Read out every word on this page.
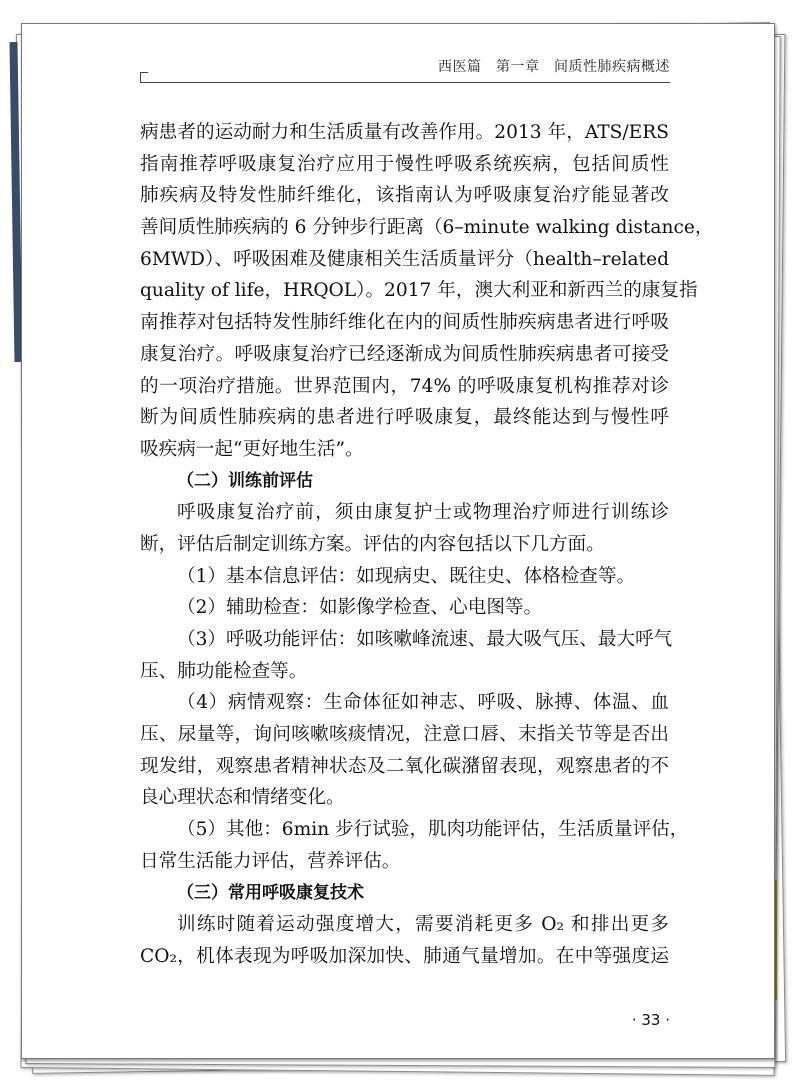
西医篇　第一章　间质性肺疾病概述
病患者的运动耐力和生活质量有改善作用。2013 年，ATS/ERS
指南推荐呼吸康复治疗应用于慢性呼吸系统疾病，包括间质性
肺疾病及特发性肺纤维化，该指南认为呼吸康复治疗能显著改
善间质性肺疾病的 6 分钟步行距离（6–minute walking distance，
6MWD）、呼吸困难及健康相关生活质量评分（health–related
quality of life，HRQOL）。2017 年，澳大利亚和新西兰的康复指
南推荐对包括特发性肺纤维化在内的间质性肺疾病患者进行呼吸
康复治疗。呼吸康复治疗已经逐渐成为间质性肺疾病患者可接受
的一项治疗措施。世界范围内，74% 的呼吸康复机构推荐对诊
断为间质性肺疾病的患者进行呼吸康复，最终能达到与慢性呼
吸疾病一起“更好地生活”。
（二）训练前评估
呼吸康复治疗前，须由康复护士或物理治疗师进行训练诊
断，评估后制定训练方案。评估的内容包括以下几方面。
（1）基本信息评估：如现病史、既往史、体格检查等。
（2）辅助检查：如影像学检查、心电图等。
（3）呼吸功能评估：如咳嗽峰流速、最大吸气压、最大呼气
压、肺功能检查等。
（4）病情观察：生命体征如神志、呼吸、脉搏、体温、血
压、尿量等，询问咳嗽咳痰情况，注意口唇、末指关节等是否出
现发绀，观察患者精神状态及二氧化碳潴留表现，观察患者的不
良心理状态和情绪变化。
（5）其他：6min 步行试验，肌肉功能评估，生活质量评估，
日常生活能力评估，营养评估。
（三）常用呼吸康复技术
训练时随着运动强度增大，需要消耗更多 O₂ 和排出更多
CO₂，机体表现为呼吸加深加快、肺通气量增加。在中等强度运
· 33 ·
